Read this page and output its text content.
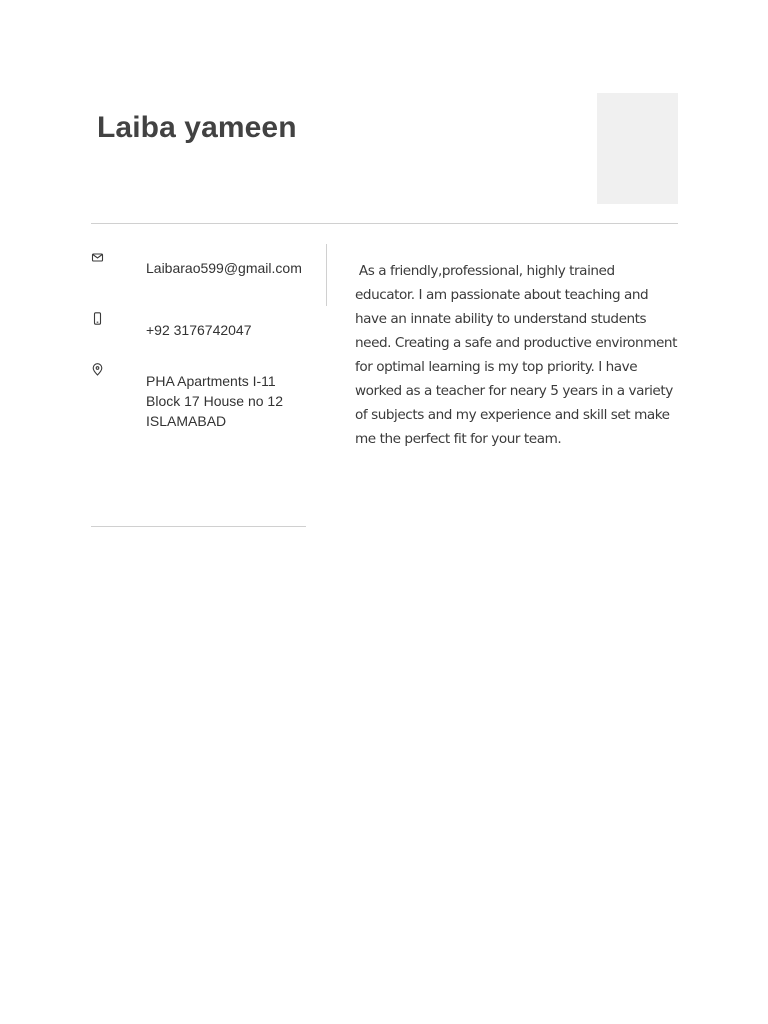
Laiba yameen
Laibarao599@gmail.com
+92 3176742047
PHA Apartments I-11
Block 17 House no 12
ISLAMABAD

As a friendly,professional, highly trained educator. I am passionate about teaching and have an innate ability to understand students need. Creating a safe and productive environment for optimal learning is my top priority. I have worked as a teacher for neary 5 years in a variety of subjects and my experience and skill set make me the perfect fit for your team.
